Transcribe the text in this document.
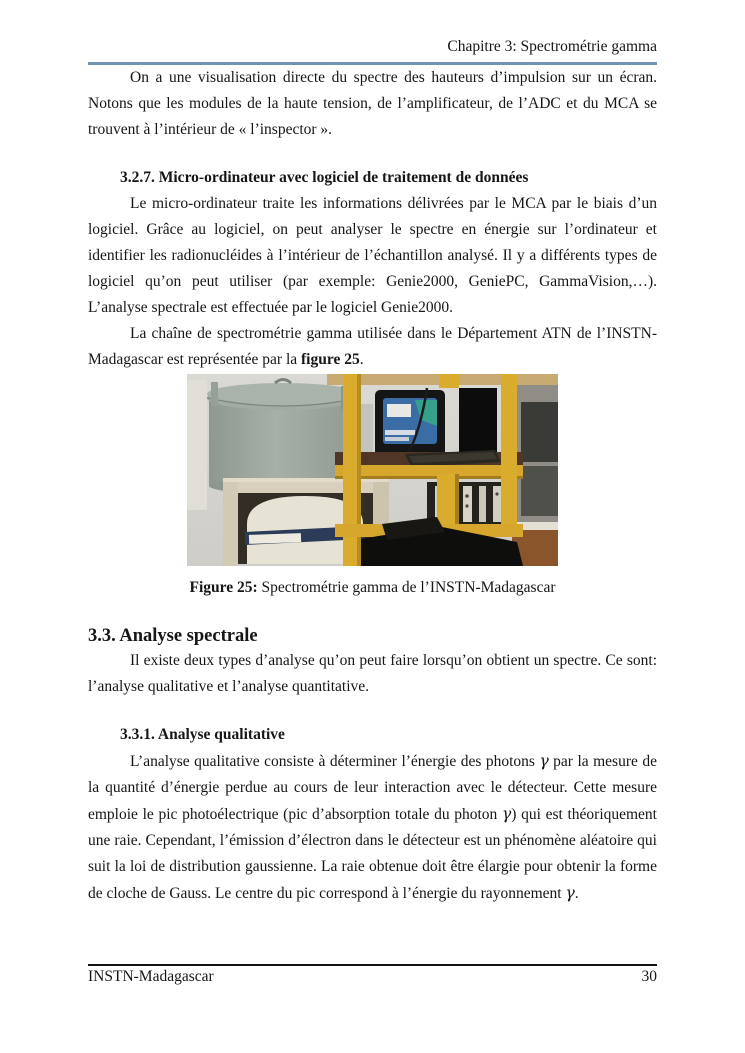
Chapitre 3: Spectrométrie gamma

On a une visualisation directe du spectre des hauteurs d’impulsion sur un écran. Notons que les modules de la haute tension, de l’amplificateur, de l’ADC et du MCA se trouvent à l’intérieur de « l’inspector ».

3.2.7. Micro-ordinateur avec logiciel de traitement de données

Le micro-ordinateur traite les informations délivrées par le MCA par le biais d’un logiciel. Grâce au logiciel, on peut analyser le spectre en énergie sur l’ordinateur et identifier les radionucléides à l’intérieur de l’échantillon analysé. Il y a différents types de logiciel qu’on peut utiliser (par exemple: Genie2000, GeniePC, GammaVision,…). L’analyse spectrale est effectuée par le logiciel Genie2000.

La chaîne de spectrométrie gamma utilisée dans le Département ATN de l’INSTN-Madagascar est représentée par la figure 25.

Figure 25: Spectrométrie gamma de l’INSTN-Madagascar
3.3. Analyse spectrale

Il existe deux types d’analyse qu’on peut faire lorsqu’on obtient un spectre. Ce sont: l’analyse qualitative et l’analyse quantitative.

3.3.1. Analyse qualitative

L’analyse qualitative consiste à déterminer l’énergie des photons γ par la mesure de la quantité d’énergie perdue au cours de leur interaction avec le détecteur. Cette mesure emploie le pic photoélectrique (pic d’absorption totale du photon γ) qui est théoriquement une raie. Cependant, l’émission d’électron dans le détecteur est un phénomène aléatoire qui suit la loi de distribution gaussienne. La raie obtenue doit être élargie pour obtenir la forme de cloche de Gauss. Le centre du pic correspond à l’énergie du rayonnement γ.

INSTN-Madagascar	30
